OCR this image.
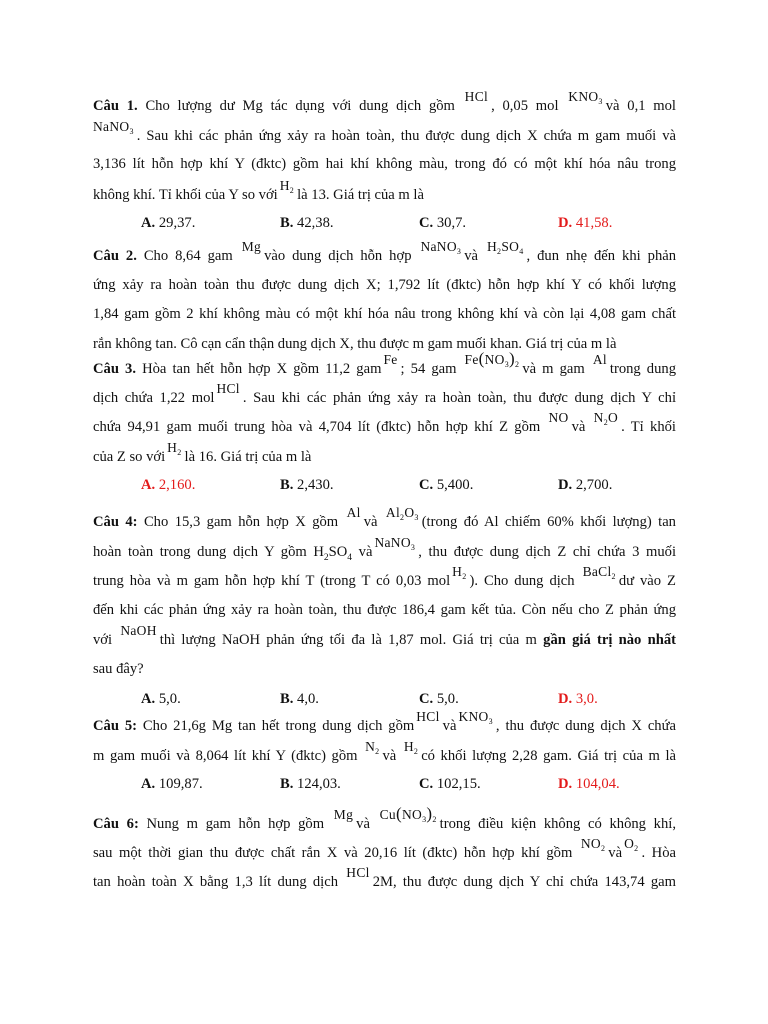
Câu 1. Cho lượng dư Mg tác dụng với dung dịch gồm HCl, 0,05 mol $KNO_3$ và 0,1 mol
NaNO$_3$ . Sau khi các phản ứng xảy ra hoàn toàn, thu được dung dịch X chứa m gam muối và
3,136 lít hỗn hợp khí Y (đktc) gồm hai khí không màu, trong đó có một khí hóa nâu trong
không khí. Tỉ khối của Y so vớiH$_2$ là 13. Giá trị của m là
A. 29,37.	B. 42,38.	C. 30,7.	D. 41,58.
Câu 2. Cho 8,64 gam Mgvào dung dịch hỗn hợp NaNO$_3$ và $H_2SO_4$ , đun nhẹ đến khi phản
ứng xảy ra hoàn toàn thu được dung dịch X; 1,792 lít (đktc) hỗn hợp khí Y có khối lượng
1,84 gam gồm 2 khí không màu có một khí hóa nâu trong không khí và còn lại 4,08 gam chất
rắn không tan. Cô cạn cẩn thận dung dịch X, thu được m gam muối khan. Giá trị của m là
Câu 3. Hòa tan hết hỗn hợp X gồm 11,2 gamFe; 54 gam $Fe(NO_3)_2$ và m gam Altrong dung
dịch chứa 1,22 molHCl. Sau khi các phản ứng xảy ra hoàn toàn, thu được dung dịch Y chỉ
chứa 94,91 gam muối trung hòa và 4,704 lít (đktc) hỗn hợp khí Z gồm NOvà $N_2O$. Tỉ khối
của Z so vớiH$_2$ là 16. Giá trị của m là
A. 2,160.	B. 2,430.	C. 5,400.	D. 2,700.
Câu 4: Cho 15,3 gam hỗn hợp X gồm Alvà $Al_2O_3$ (trong đó Al chiếm 60% khối lượng) tan
hoàn toàn trong dung dịch Y gồm $H_2SO_4$ vàNaNO$_3$ , thu được dung dịch Z chỉ chứa 3 muối
trung hòa và m gam hỗn hợp khí T (trong T có 0,03 molH$_2$ ). Cho dung dịch BaCl$_2$ dư vào Z
đến khi các phản ứng xảy ra hoàn toàn, thu được 186,4 gam kết tủa. Còn nếu cho Z phản ứng
với NaOHthì lượng NaOH phản ứng tối đa là 1,87 mol. Giá trị của m gần giá trị nào nhất
sau đây?
A. 5,0.	B. 4,0.	C. 5,0.	D. 3,0.
Câu 5: Cho 21,6g Mg tan hết trong dung dịch gồmHClvàKNO$_3$ , thu được dung dịch X chứa
m gam muối và 8,064 lít khí Y (đktc) gồm $N_2$ và $H_2$ có khối lượng 2,28 gam. Giá trị của m là
A. 109,87.	B. 124,03.	C. 102,15.	D. 104,04.
Câu 6: Nung m gam hỗn hợp gồm Mgvà $Cu(NO_3)_2$ trong điều kiện không có không khí,
sau một thời gian thu được chất rắn X và 20,16 lít (đktc) hỗn hợp khí gồm $NO_2$ vàO$_2$ . Hòa
tan hoàn toàn X bằng 1,3 lít dung dịch HCl2M, thu được dung dịch Y chỉ chứa 143,74 gam
